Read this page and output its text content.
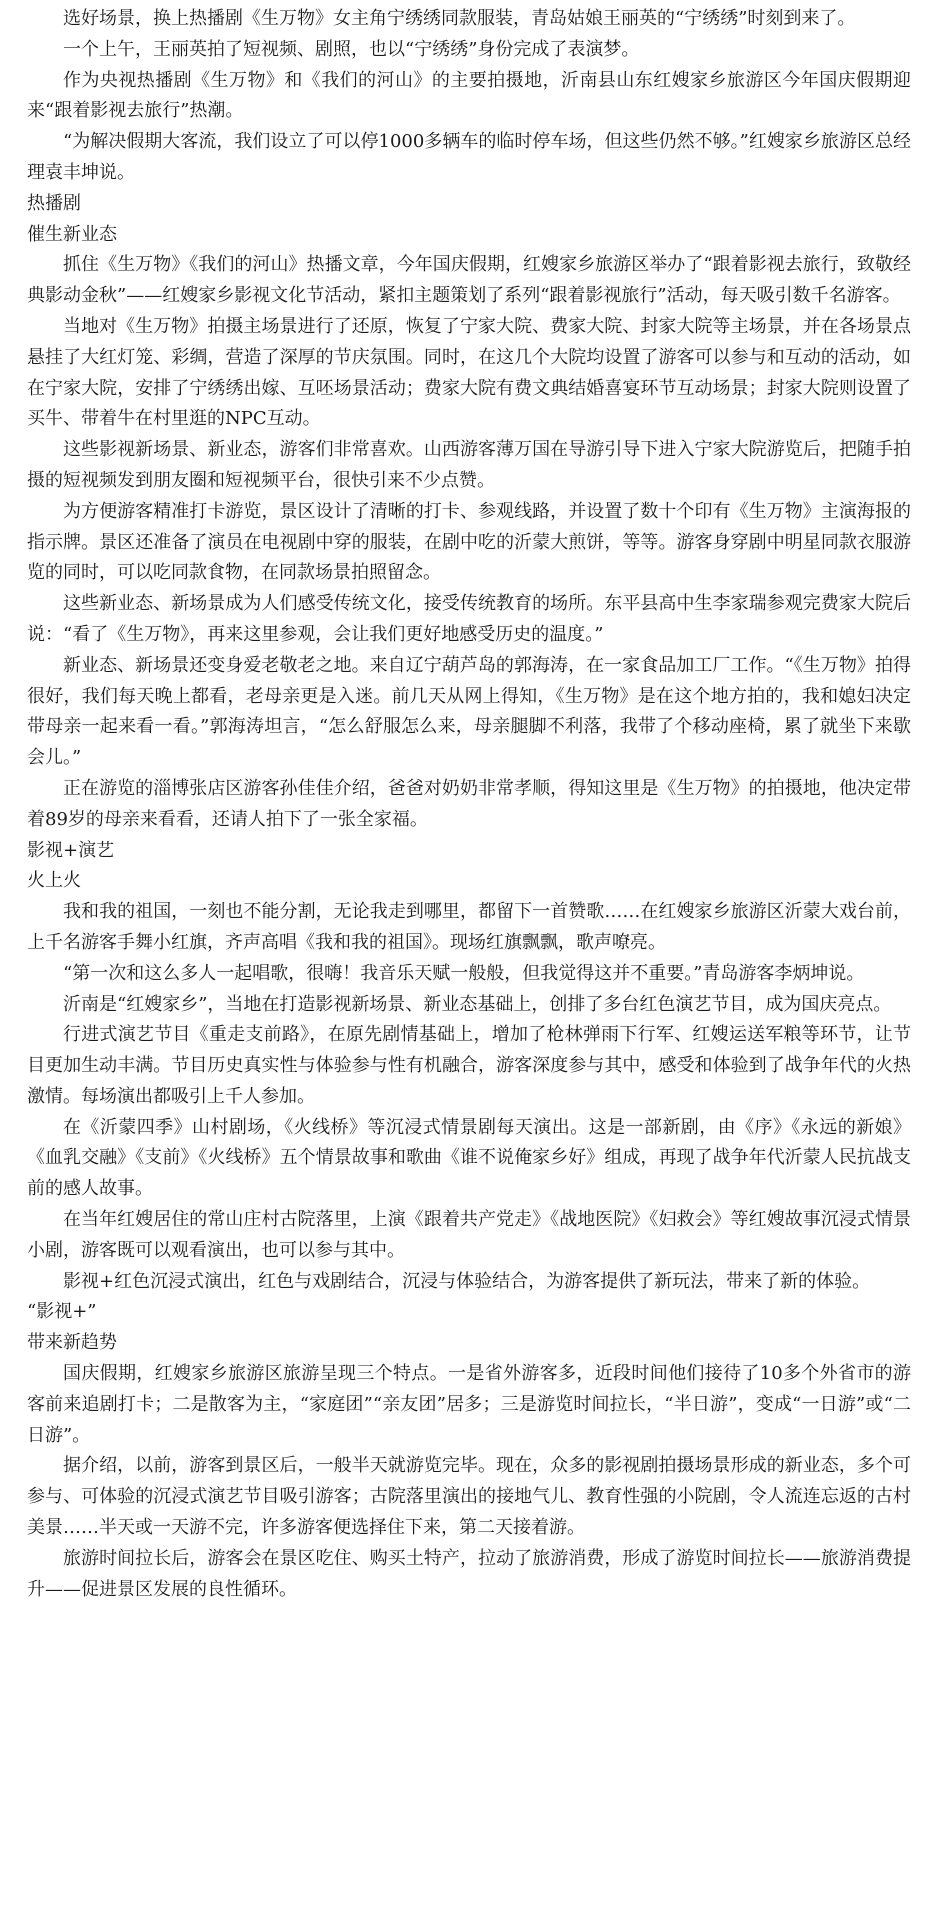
选好场景，换上热播剧《生万物》女主角宁绣绣同款服装，青岛姑娘王丽英的“宁绣绣”时刻到来了。

一个上午，王丽英拍了短视频、剧照，也以“宁绣绣”身份完成了表演梦。

作为央视热播剧《生万物》和《我们的河山》的主要拍摄地，沂南县山东红嫂家乡旅游区今年国庆假期迎来“跟着影视去旅行”热潮。

“为解决假期大客流，我们设立了可以停1000多辆车的临时停车场，但这些仍然不够。”红嫂家乡旅游区总经理袁丰坤说。

热播剧

催生新业态

抓住《生万物》《我们的河山》热播文章，今年国庆假期，红嫂家乡旅游区举办了“跟着影视去旅行，致敬经典影动金秋”——红嫂家乡影视文化节活动，紧扣主题策划了系列“跟着影视旅行”活动，每天吸引数千名游客。

当地对《生万物》拍摄主场景进行了还原，恢复了宁家大院、费家大院、封家大院等主场景，并在各场景点悬挂了大红灯笼、彩绸，营造了深厚的节庆氛围。同时，在这几个大院均设置了游客可以参与和互动的活动，如在宁家大院，安排了宁绣绣出嫁、互呸场景活动；费家大院有费文典结婚喜宴环节互动场景；封家大院则设置了买牛、带着牛在村里逛的NPC互动。

这些影视新场景、新业态，游客们非常喜欢。山西游客薄万国在导游引导下进入宁家大院游览后，把随手拍摄的短视频发到朋友圈和短视频平台，很快引来不少点赞。

为方便游客精准打卡游览，景区设计了清晰的打卡、参观线路，并设置了数十个印有《生万物》主演海报的指示牌。景区还准备了演员在电视剧中穿的服装，在剧中吃的沂蒙大煎饼，等等。游客身穿剧中明星同款衣服游览的同时，可以吃同款食物，在同款场景拍照留念。

这些新业态、新场景成为人们感受传统文化，接受传统教育的场所。东平县高中生李家瑞参观完费家大院后说：“看了《生万物》，再来这里参观，会让我们更好地感受历史的温度。”

新业态、新场景还变身爱老敬老之地。来自辽宁葫芦岛的郭海涛，在一家食品加工厂工作。“《生万物》拍得很好，我们每天晚上都看，老母亲更是入迷。前几天从网上得知，《生万物》是在这个地方拍的，我和媳妇决定带母亲一起来看一看。”郭海涛坦言，“怎么舒服怎么来，母亲腿脚不利落，我带了个移动座椅，累了就坐下来歇会儿。”

正在游览的淄博张店区游客孙佳佳介绍，爸爸对奶奶非常孝顺，得知这里是《生万物》的拍摄地，他决定带着89岁的母亲来看看，还请人拍下了一张全家福。

影视+演艺

火上火

我和我的祖国，一刻也不能分割，无论我走到哪里，都留下一首赞歌……在红嫂家乡旅游区沂蒙大戏台前，上千名游客手舞小红旗，齐声高唱《我和我的祖国》。现场红旗飘飘，歌声嘹亮。

“第一次和这么多人一起唱歌，很嗨！我音乐天赋一般般，但我觉得这并不重要。”青岛游客李炳坤说。

沂南是“红嫂家乡”，当地在打造影视新场景、新业态基础上，创排了多台红色演艺节目，成为国庆亮点。

行进式演艺节目《重走支前路》，在原先剧情基础上，增加了枪林弹雨下行军、红嫂运送军粮等环节，让节目更加生动丰满。节目历史真实性与体验参与性有机融合，游客深度参与其中，感受和体验到了战争年代的火热激情。每场演出都吸引上千人参加。

在《沂蒙四季》山村剧场，《火线桥》等沉浸式情景剧每天演出。这是一部新剧，由《序》《永远的新娘》《血乳交融》《支前》《火线桥》五个情景故事和歌曲《谁不说俺家乡好》组成，再现了战争年代沂蒙人民抗战支前的感人故事。

在当年红嫂居住的常山庄村古院落里，上演《跟着共产党走》《战地医院》《妇救会》等红嫂故事沉浸式情景小剧，游客既可以观看演出，也可以参与其中。

影视+红色沉浸式演出，红色与戏剧结合，沉浸与体验结合，为游客提供了新玩法，带来了新的体验。

“影视+”

带来新趋势

国庆假期，红嫂家乡旅游区旅游呈现三个特点。一是省外游客多，近段时间他们接待了10多个外省市的游客前来追剧打卡；二是散客为主，“家庭团”“亲友团”居多；三是游览时间拉长，“半日游”，变成“一日游”或“二日游”。

据介绍，以前，游客到景区后，一般半天就游览完毕。现在，众多的影视剧拍摄场景形成的新业态，多个可参与、可体验的沉浸式演艺节目吸引游客；古院落里演出的接地气儿、教育性强的小院剧，令人流连忘返的古村美景……半天或一天游不完，许多游客便选择住下来，第二天接着游。

旅游时间拉长后，游客会在景区吃住、购买土特产，拉动了旅游消费，形成了游览时间拉长——旅游消费提升——促进景区发展的良性循环。
